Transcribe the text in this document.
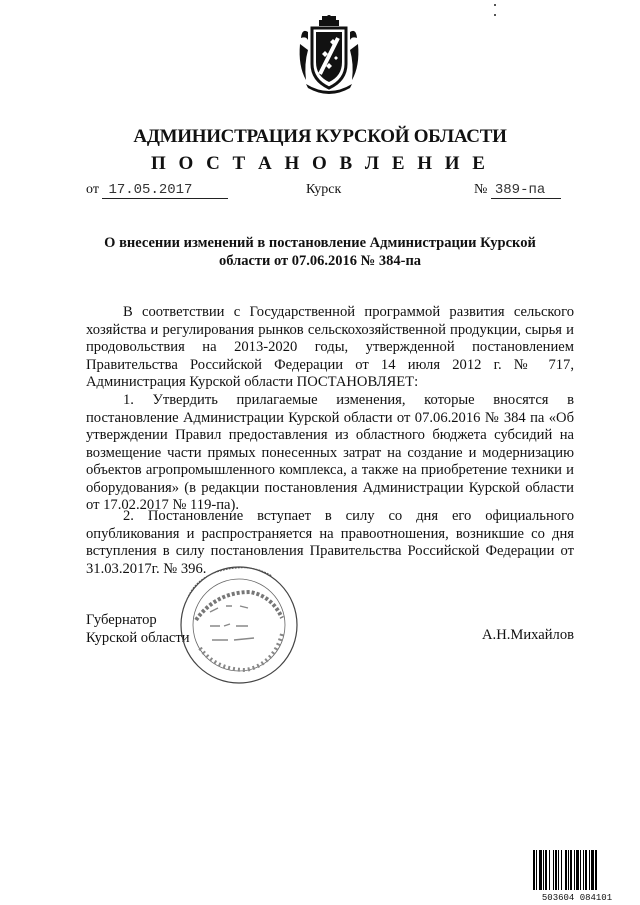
АДМИНИСТРАЦИЯ КУРСКОЙ ОБЛАСТИ
П О С Т А Н О В Л Е Н И Е
от 17.05.2017	Курск	№ 389-па
О внесении изменений в постановление Администрации Курской
области от 07.06.2016 № 384-па
В соответствии с Государственной программой развития сельского хозяйства и регулирования рынков сельскохозяйственной продукции, сырья и продовольствия на 2013-2020 годы, утвержденной постановлением Правительства Российской Федерации от 14 июля 2012 г. № 717, Администрация Курской области ПОСТАНОВЛЯЕТ:
1. Утвердить прилагаемые изменения, которые вносятся в постановление Администрации Курской области от 07.06.2016 № 384 па «Об утверждении Правил предоставления из областного бюджета субсидий на возмещение части прямых понесенных затрат на создание и модернизацию объектов агропромышленного комплекса, а также на приобретение техники и оборудования» (в редакции постановления Администрации Курской области от 17.02.2017 № 119-па).
2. Постановление вступает в силу со дня его официального опубликования и распространяется на правоотношения, возникшие со дня вступления в силу постановления Правительства Российской Федерации от 31.03.2017г. № 396.
Губернатор
Курской области	А.Н.Михайлов
503604 084101
